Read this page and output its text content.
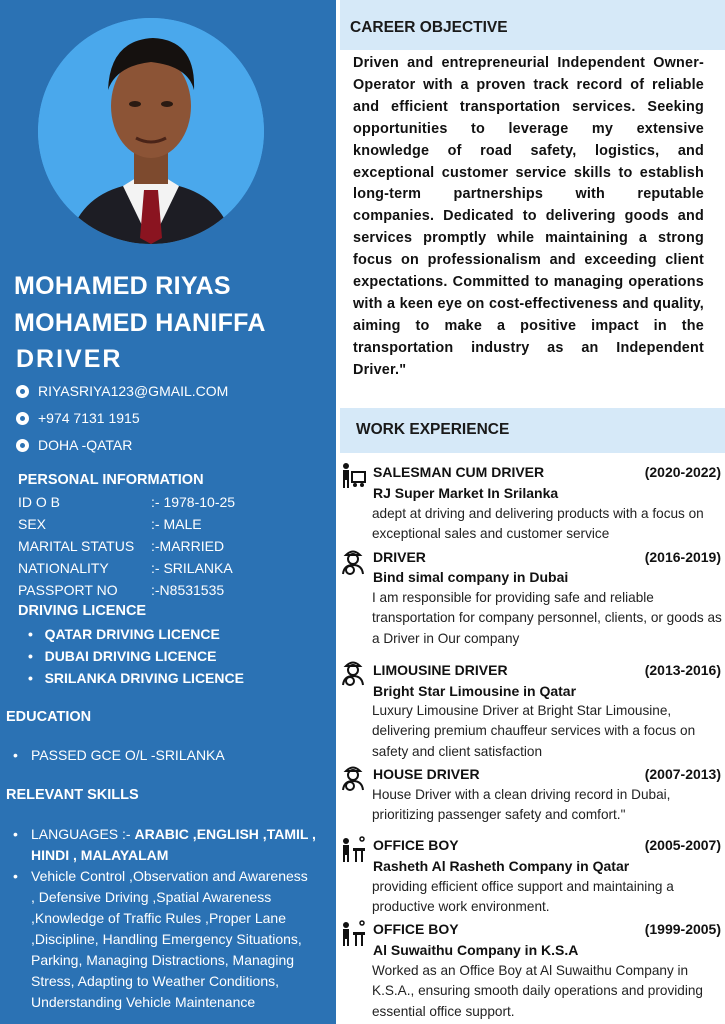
MOHAMED RIYAS
MOHAMED HANIFFA
DRIVER
RIYASRIYA123@GMAIL.COM
+974 7131 1915
DOHA -QATAR
PERSONAL INFORMATION
ID O B	:- 1978-10-25
SEX	:- MALE
MARITAL STATUS :-MARRIED
NATIONALITY	:- SRILANKA
PASSPORT NO :-N8531535
DRIVING LICENCE
•   QATAR DRIVING LICENCE
•   DUBAI DRIVING LICENCE
•   SRILANKA DRIVING LICENCE
EDUCATION
• PASSED GCE O/L -SRILANKA
RELEVANT SKILLS
• LANGUAGES :- ARABIC ,ENGLISH ,TAMIL , HINDI , MALAYALAM
• Vehicle Control ,Observation and Awareness
, Defensive Driving ,Spatial Awareness
,Knowledge of Traffic Rules ,Proper Lane
,Discipline, Handling Emergency Situations,
Parking, Managing Distractions, Managing
Stress, Adapting to Weather Conditions,
Understanding Vehicle Maintenance
CAREER OBJECTIVE
Driven and entrepreneurial Independent Owner-Operator with a proven track record of reliable and efficient transportation services. Seeking opportunities to leverage my extensive knowledge of road safety, logistics, and exceptional customer service skills to establish long-term partnerships with reputable companies. Dedicated to delivering goods and services promptly while maintaining a strong focus on professionalism and exceeding client expectations. Committed to managing operations with a keen eye on cost-effectiveness and quality, aiming to make a positive impact in the transportation industry as an Independent Driver."
WORK EXPERIENCE
SALESMAN CUM DRIVER	(2020-2022)
RJ Super Market In Srilanka
adept at driving and delivering products with a focus on exceptional sales and customer service
DRIVER	(2016-2019)
Bind simal company in Dubai
I am responsible for providing safe and reliable transportation for company personnel, clients, or goods as a Driver in Our company
LIMOUSINE DRIVER	(2013-2016)
Bright Star Limousine in Qatar
Luxury Limousine Driver at Bright Star Limousine, delivering premium chauffeur services with a focus on safety and client satisfaction
HOUSE DRIVER	(2007-2013)
House Driver with a clean driving record in Dubai, prioritizing passenger safety and comfort."
OFFICE BOY	(2005-2007)
Rasheth Al Rasheth Company in Qatar
providing efficient office support and maintaining a productive work environment.
OFFICE BOY	(1999-2005)
Al Suwaithu Company in K.S.A
Worked as an Office Boy at Al Suwaithu Company in K.S.A., ensuring smooth daily operations and providing essential office support.
